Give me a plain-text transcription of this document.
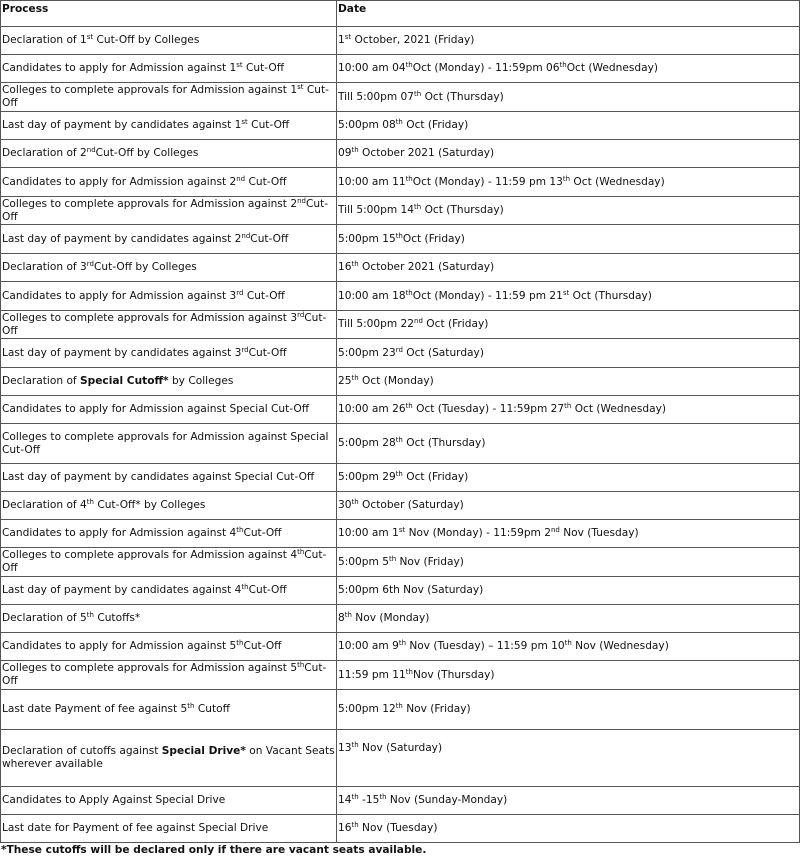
Process	Date
Declaration of 1st Cut-Off by Colleges	1st October, 2021 (Friday)
Candidates to apply for Admission against 1st Cut-Off	10:00 am 04thOct (Monday) - 11:59pm 06thOct (Wednesday)
Colleges to complete approvals for Admission against 1st Cut-Off	Till 5:00pm 07th Oct (Thursday)
Last day of payment by candidates against 1st Cut-Off	5:00pm 08th Oct (Friday)
Declaration of 2ndCut-Off by Colleges	09th October 2021 (Saturday)
Candidates to apply for Admission against 2nd Cut-Off	10:00 am 11thOct (Monday) - 11:59 pm 13th Oct (Wednesday)
Colleges to complete approvals for Admission against 2ndCut-Off	Till 5:00pm 14th Oct (Thursday)
Last day of payment by candidates against 2ndCut-Off	5:00pm 15thOct (Friday)
Declaration of 3rdCut-Off by Colleges	16th October 2021 (Saturday)
Candidates to apply for Admission against 3rd Cut-Off	10:00 am 18thOct (Monday) - 11:59 pm 21st Oct (Thursday)
Colleges to complete approvals for Admission against 3rdCut-Off	Till 5:00pm 22nd Oct (Friday)
Last day of payment by candidates against 3rdCut-Off	5:00pm 23rd Oct (Saturday)
Declaration of Special Cutoff* by Colleges	25th Oct (Monday)
Candidates to apply for Admission against Special Cut-Off	10:00 am 26th Oct (Tuesday) - 11:59pm 27th Oct (Wednesday)
Colleges to complete approvals for Admission against Special Cut-Off	5:00pm 28th Oct (Thursday)
Last day of payment by candidates against Special Cut-Off	5:00pm 29th Oct (Friday)
Declaration of 4th Cut-Off* by Colleges	30th October (Saturday)
Candidates to apply for Admission against 4thCut-Off	10:00 am 1st Nov (Monday) - 11:59pm 2nd Nov (Tuesday)
Colleges to complete approvals for Admission against 4thCut-Off	5:00pm 5th Nov (Friday)
Last day of payment by candidates against 4thCut-Off	5:00pm 6th Nov (Saturday)
Declaration of 5th Cutoffs*	8th Nov (Monday)
Candidates to apply for Admission against 5thCut-Off	10:00 am 9th Nov (Tuesday) – 11:59 pm 10th Nov (Wednesday)
Colleges to complete approvals for Admission against 5thCut-Off	11:59 pm 11thNov (Thursday)
Last date Payment of fee against 5th Cutoff	5:00pm 12th Nov (Friday)
Declaration of cutoffs against Special Drive* on Vacant Seats wherever available	13th Nov (Saturday)
Candidates to Apply Against Special Drive	14th -15th Nov (Sunday-Monday)
Last date for Payment of fee against Special Drive	16th Nov (Tuesday)
*These cutoffs will be declared only if there are vacant seats available.
